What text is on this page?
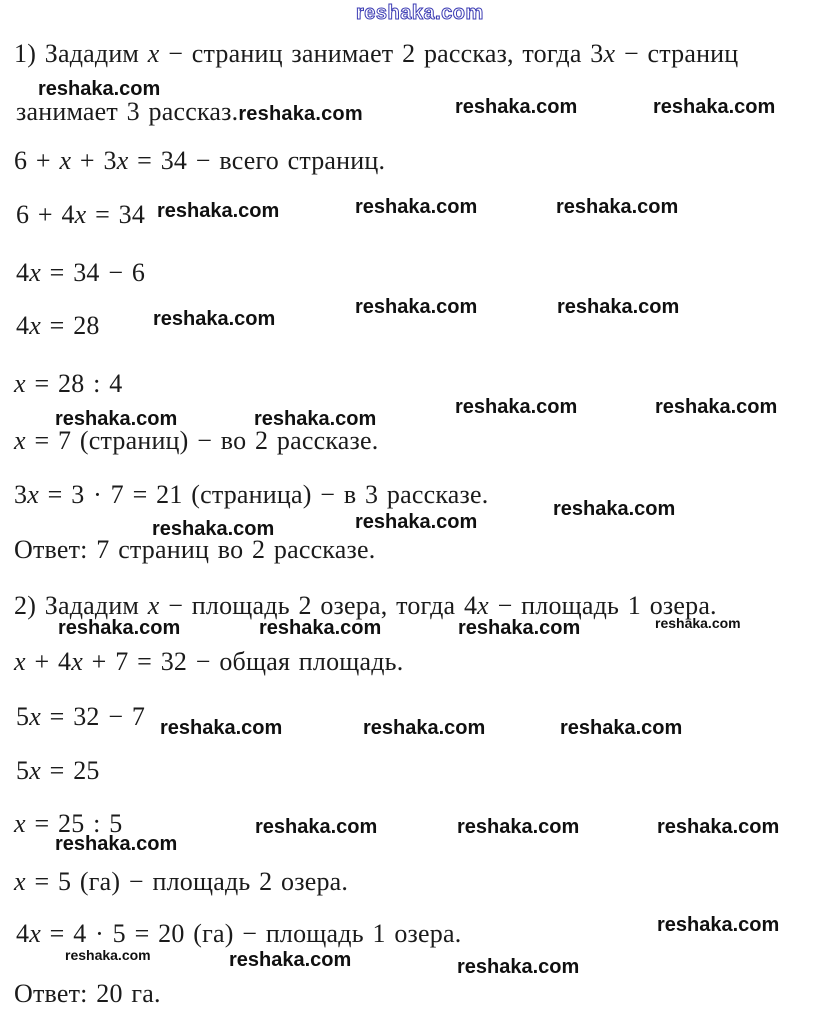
reshaka.com
1) Зададим x − страниц занимает 2 рассказ, тогда 3x − страниц
reshaka.com
занимает 3 рассказ. reshaka.com	reshaka.com	reshaka.com
6 + x + 3x = 34 − всего страниц.
6 + 4x = 34 reshaka.com	reshaka.com	reshaka.com
4x = 34 − 6
4x = 28	reshaka.com
reshaka.com	reshaka.com
x = 28 : 4
reshaka.com	reshaka.com
reshaka.com	reshaka.com
x = 7 (страниц) − во 2 рассказе.
3x = 3 · 7 = 21 (страница) − в 3 рассказе.	reshaka.com
reshaka.com
reshaka.com
Ответ: 7 страниц во 2 рассказе.
2) Зададим x − площадь 2 озера, тогда 4x − площадь 1 озера.
reshaka.com	reshaka.com	reshaka.com	reshaka.com
x + 4x + 7 = 32 − общая площадь.
5x = 32 − 7 reshaka.com	reshaka.com	reshaka.com
5x = 25
x = 25 : 5	reshaka.com	reshaka.com	reshaka.com
reshaka.com
x = 5 (га) − площадь 2 озера.
4x = 4 · 5 = 20 (га) − площадь 1 озера.	reshaka.com
reshaka.com	reshaka.com	reshaka.com
Ответ: 20 га.
